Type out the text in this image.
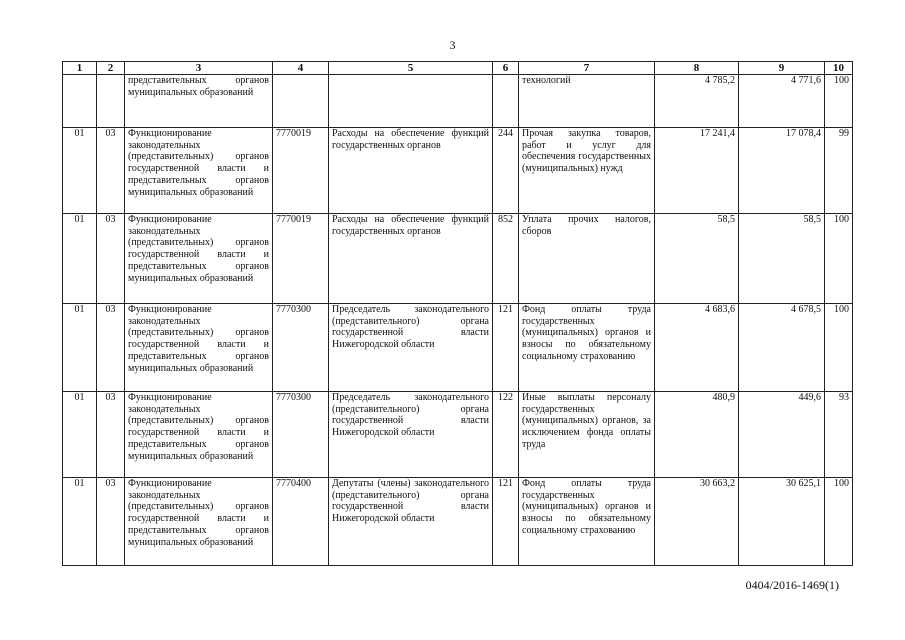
3
1	2	3	4	5	6	7	8	9	10
		представительных органов муниципальных образований				технологий	4 785,2	4 771,6	100
01	03	Функционирование законодательных (представительных) органов государственной власти и представительных органов муниципальных образований	7770019	Расходы на обеспечение функций государственных органов	244	Прочая закупка товаров, работ и услуг для обеспечения государственных (муниципальных) нужд	17 241,4	17 078,4	99
01	03	Функционирование законодательных (представительных) органов государственной власти и представительных органов муниципальных образований	7770019	Расходы на обеспечение функций государственных органов	852	Уплата прочих налогов, сборов	58,5	58,5	100
01	03	Функционирование законодательных (представительных) органов государственной власти и представительных органов муниципальных образований	7770300	Председатель законодательного (представительного) органа государственной власти Нижегородской области	121	Фонд оплаты труда государственных (муниципальных) органов и взносы по обязательному социальному страхованию	4 683,6	4 678,5	100
01	03	Функционирование законодательных (представительных) органов государственной власти и представительных органов муниципальных образований	7770300	Председатель законодательного (представительного) органа государственной власти Нижегородской области	122	Иные выплаты персоналу государственных (муниципальных) органов, за исключением фонда оплаты труда	480,9	449,6	93
01	03	Функционирование законодательных (представительных) органов государственной власти и представительных органов муниципальных образований	7770400	Депутаты (члены) законодательного (представительного) органа государственной власти Нижегородской области	121	Фонд оплаты труда государственных (муниципальных) органов и взносы по обязательному социальному страхованию	30 663,2	30 625,1	100
0404/2016-1469(1)
